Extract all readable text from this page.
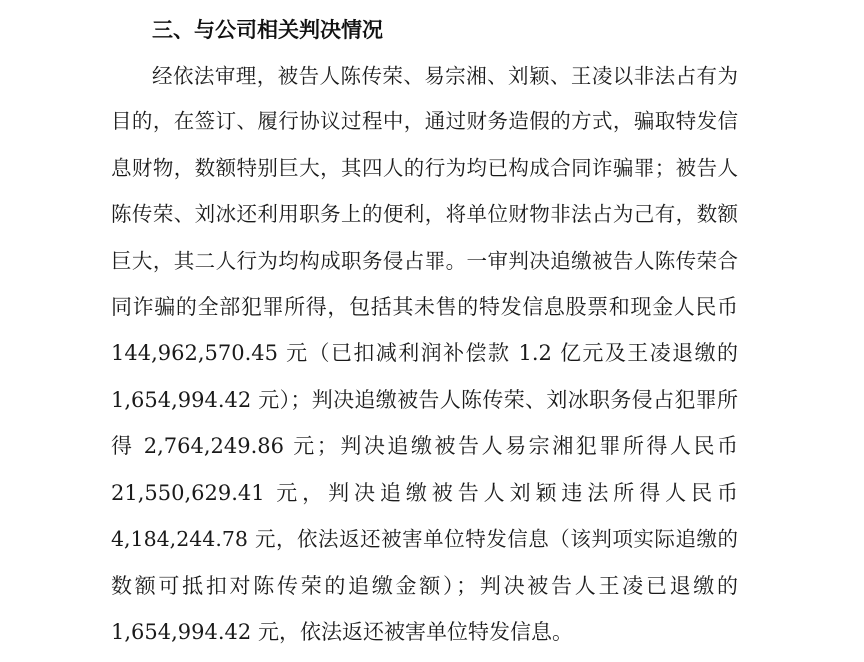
三、与公司相关判决情况
经依法审理，被告人陈传荣、易宗湘、刘颖、王凌以非法占有为
目的，在签订、履行协议过程中，通过财务造假的方式，骗取特发信
息财物，数额特别巨大，其四人的行为均已构成合同诈骗罪；被告人
陈传荣、刘冰还利用职务上的便利，将单位财物非法占为己有，数额
巨大，其二人行为均构成职务侵占罪。一审判决追缴被告人陈传荣合
同诈骗的全部犯罪所得，包括其未售的特发信息股票和现金人民币
144,962,570.45 元（已扣减利润补偿款 1.2 亿元及王凌退缴的
1,654,994.42 元）；判决追缴被告人陈传荣、刘冰职务侵占犯罪所
得 2,764,249.86 元；判决追缴被告人易宗湘犯罪所得人民币
21,550,629.41 元，判决追缴被告人刘颖违法所得人民币
4,184,244.78 元，依法返还被害单位特发信息（该判项实际追缴的
数额可抵扣对陈传荣的追缴金额）；判决被告人王凌已退缴的
1,654,994.42 元，依法返还被害单位特发信息。
